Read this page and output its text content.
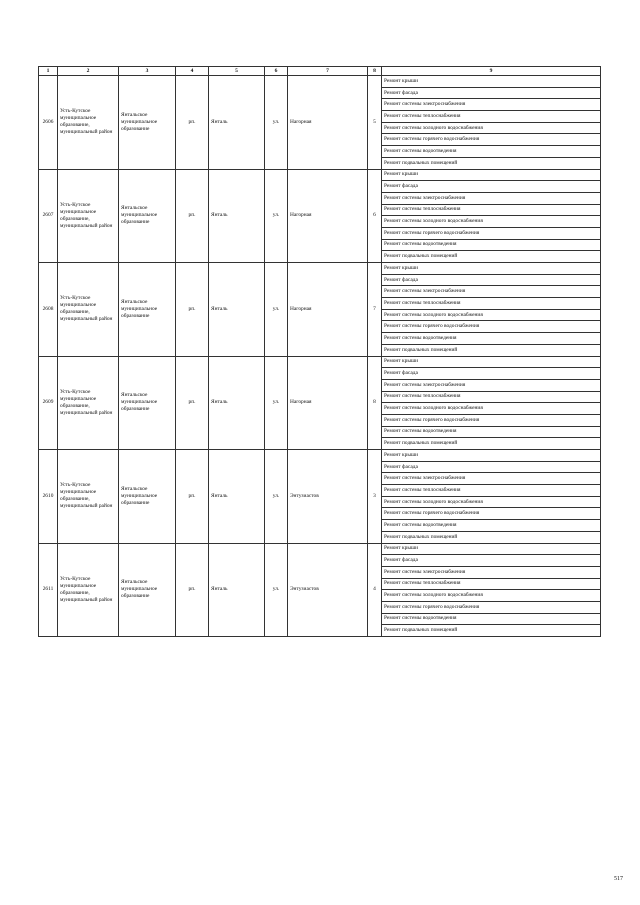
1	2	3	4	5	6	7	8	9
2606	Усть-Кутское муниципальное образование, муниципальный район	Янтальское муниципальное образование	рп.	Янталь	ул.	Нагорная	5	Ремонт крыши
								Ремонт фасада
								Ремонт системы электроснабжения
								Ремонт системы теплоснабжения
								Ремонт системы холодного водоснабжения
								Ремонт системы горячего водоснабжения
								Ремонт системы водоотведения
								Ремонт подвальных помещений
2607	Усть-Кутское муниципальное образование, муниципальный район	Янтальское муниципальное образование	рп.	Янталь	ул.	Нагорная	6	Ремонт крыши
								Ремонт фасада
								Ремонт системы электроснабжения
								Ремонт системы теплоснабжения
								Ремонт системы холодного водоснабжения
								Ремонт системы горячего водоснабжения
								Ремонт системы водоотведения
								Ремонт подвальных помещений
2608	Усть-Кутское муниципальное образование, муниципальный район	Янтальское муниципальное образование	рп.	Янталь	ул.	Нагорная	7	Ремонт крыши
								Ремонт фасада
								Ремонт системы электроснабжения
								Ремонт системы теплоснабжения
								Ремонт системы холодного водоснабжения
								Ремонт системы горячего водоснабжения
								Ремонт системы водоотведения
								Ремонт подвальных помещений
2609	Усть-Кутское муниципальное образование, муниципальный район	Янтальское муниципальное образование	рп.	Янталь	ул.	Нагорная	8	Ремонт крыши
								Ремонт фасада
								Ремонт системы электроснабжения
								Ремонт системы теплоснабжения
								Ремонт системы холодного водоснабжения
								Ремонт системы горячего водоснабжения
								Ремонт системы водоотведения
								Ремонт подвальных помещений
2610	Усть-Кутское муниципальное образование, муниципальный район	Янтальское муниципальное образование	рп.	Янталь	ул.	Энтузиастов	3	Ремонт крыши
								Ремонт фасада
								Ремонт системы электроснабжения
								Ремонт системы теплоснабжения
								Ремонт системы холодного водоснабжения
								Ремонт системы горячего водоснабжения
								Ремонт системы водоотведения
								Ремонт подвальных помещений
2611	Усть-Кутское муниципальное образование, муниципальный район	Янтальское муниципальное образование	рп.	Янталь	ул.	Энтузиастов	4	Ремонт крыши
								Ремонт фасада
								Ремонт системы электроснабжения
								Ремонт системы теплоснабжения
								Ремонт системы холодного водоснабжения
								Ремонт системы горячего водоснабжения
								Ремонт системы водоотведения
								Ремонт подвальных помещений
517
